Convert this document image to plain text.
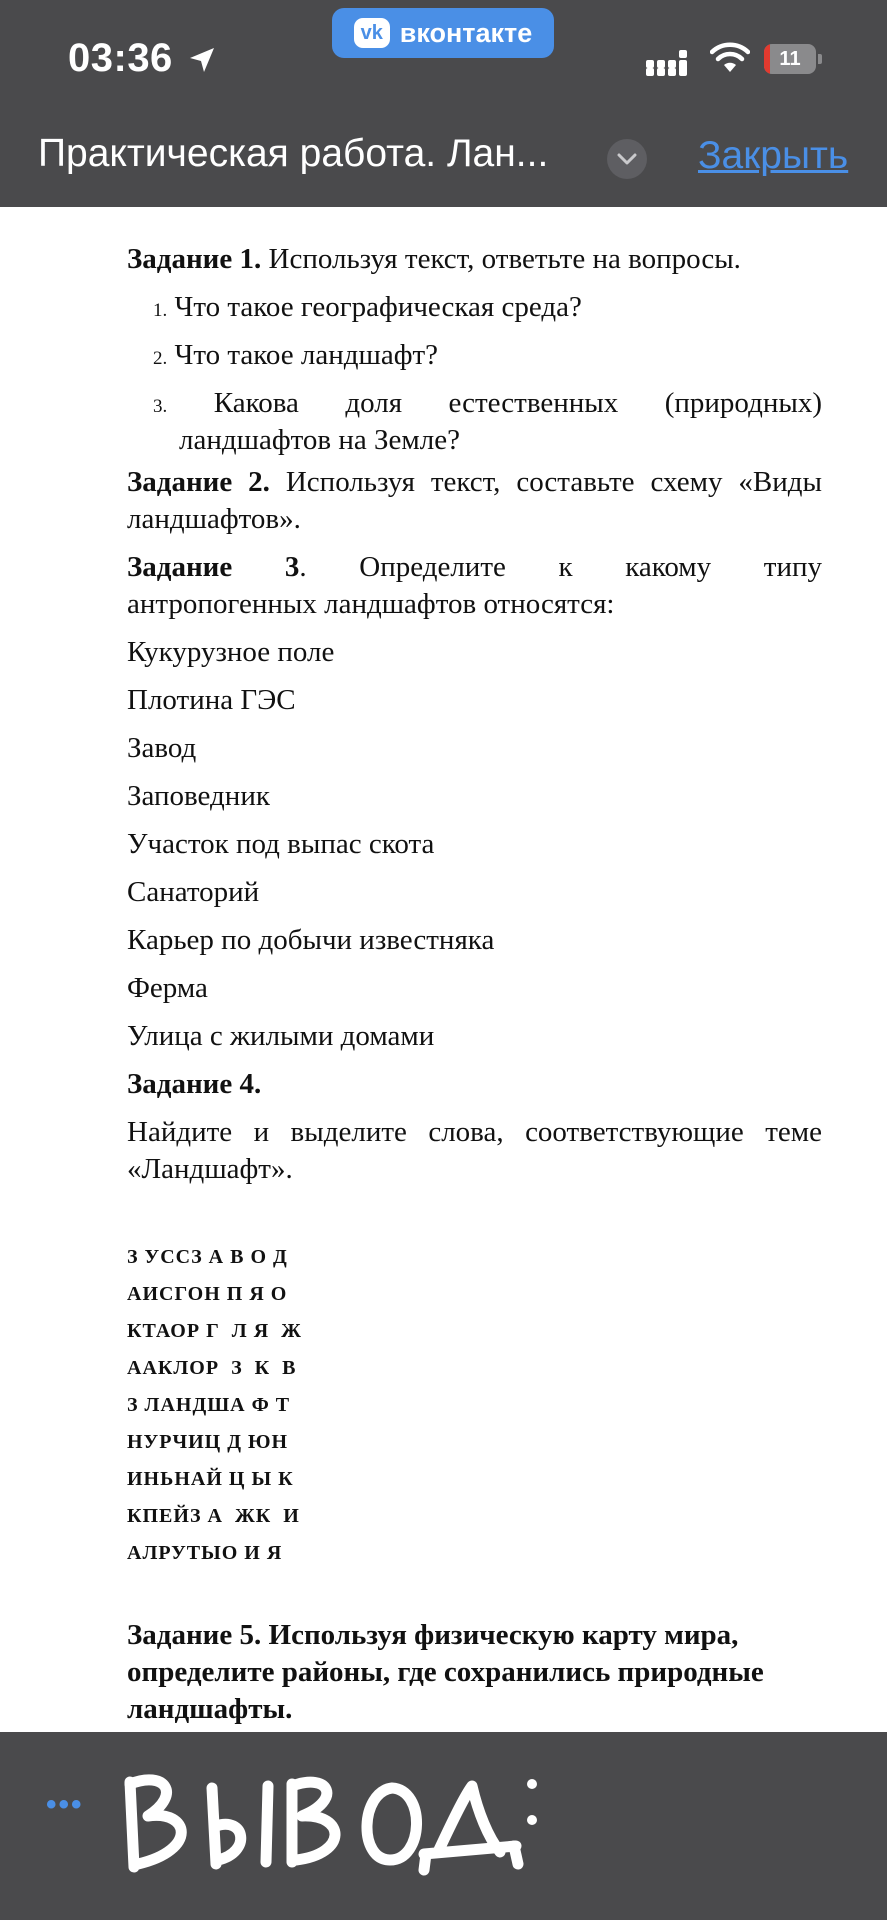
03:36
vk вконтакте
11
Практическая работа. Лан...	Закрыть
Задание 1. Используя текст, ответьте на вопросы.
1. Что такое географическая среда?
2. Что такое ландшафт?
3. Какова доля естественных (природных)
ландшафтов на Земле?
Задание 2. Используя текст, составьте схему «Виды
ландшафтов».
Задание 3. Определите к какому типу
антропогенных ландшафтов относятся:
Кукурузное поле
Плотина ГЭС
Завод
Заповедник
Участок под выпас скота
Санаторий
Карьер по добычи известняка
Ферма
Улица с жилыми домами
Задание 4.
Найдите и выделите слова, соответствующие теме
«Ландшафт».
З УССЗ А В О Д
АИСГОН П Я О
КТАОР Г  Л Я  Ж
ААКЛОР  З  К  В
З ЛАНДША Ф Т
НУРЧИЦ Д ЮН
ИНЬНАЙ Ц Ы К
КПЕЙЗ А  ЖК  И
АЛРУТЫО И Я
Задание 5. Используя физическую карту мира,
определите районы, где сохранились природные
ландшафты.
•••
